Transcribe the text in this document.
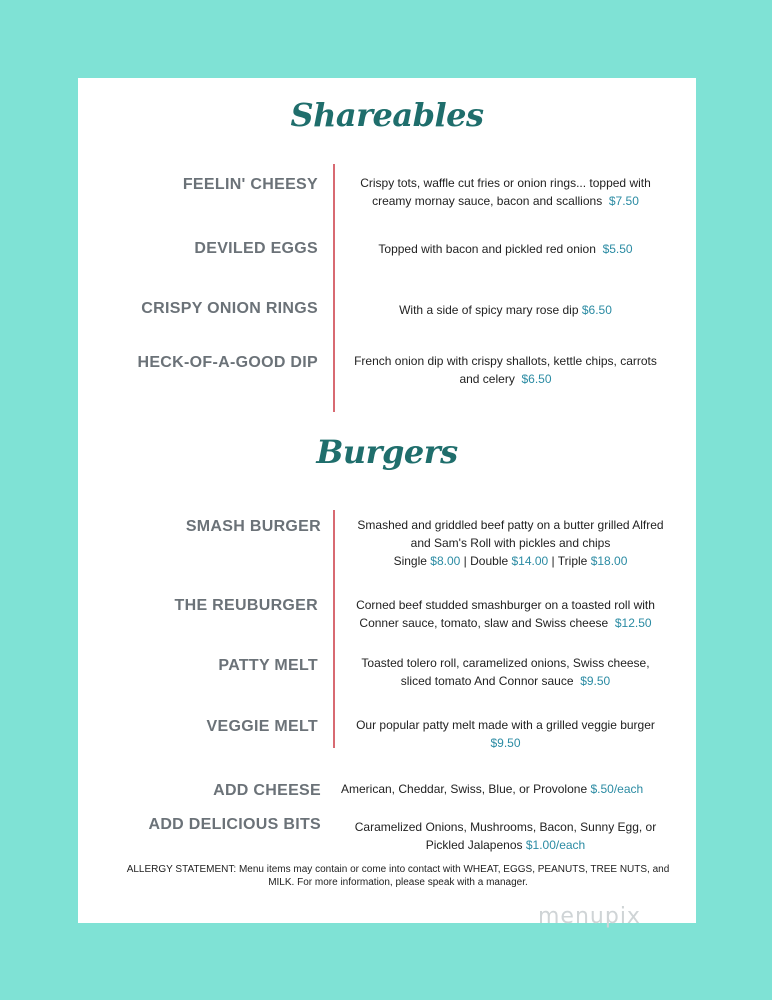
Shareables
FEELIN' CHEESY	Crispy tots, waffle cut fries or onion rings... topped with
creamy mornay sauce, bacon and scallions $7.50
DEVILED EGGS	Topped with bacon and pickled red onion $5.50
CRISPY ONION RINGS	With a side of spicy mary rose dip $6.50
HECK-OF-A-GOOD DIP	French onion dip with crispy shallots, kettle chips, carrots
and celery $6.50
Burgers
SMASH BURGER	Smashed and griddled beef patty on a butter grilled Alfred
and Sam's Roll with pickles and chips
Single $8.00 | Double $14.00 | Triple $18.00
THE REUBURGER	Corned beef studded smashburger on a toasted roll with
Conner sauce, tomato, slaw and Swiss cheese $12.50
PATTY MELT	Toasted tolero roll, caramelized onions, Swiss cheese,
sliced tomato And Connor sauce $9.50
VEGGIE MELT	Our popular patty melt made with a grilled veggie burger
$9.50
ADD CHEESE	American, Cheddar, Swiss, Blue, or Provolone $.50/each
ADD DELICIOUS BITS	Caramelized Onions, Mushrooms, Bacon, Sunny Egg, or
Pickled Jalapenos $1.00/each
ALLERGY STATEMENT: Menu items may contain or come into contact with WHEAT, EGGS, PEANUTS, TREE NUTS, and
MILK. For more information, please speak with a manager.
menupix
